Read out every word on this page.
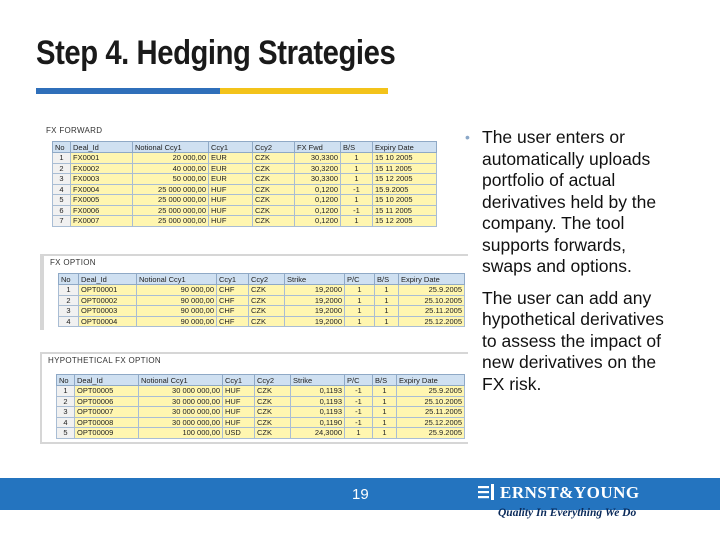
Step 4. Hedging Strategies
FX FORWARD
No	Deal_Id	Notional Ccy1	Ccy1	Ccy2	FX Fwd	B/S	Expiry Date
1	FX0001	20 000,00	EUR	CZK	30,3300	1	15 10 2005
2	FX0002	40 000,00	EUR	CZK	30,3200	1	15 11 2005
3	FX0003	50 000,00	EUR	CZK	30,3300	1	15 12 2005
4	FX0004	25 000 000,00	HUF	CZK	0,1200	-1	15.9.2005
5	FX0005	25 000 000,00	HUF	CZK	0,1200	1	15 10 2005
6	FX0006	25 000 000,00	HUF	CZK	0,1200	-1	15 11 2005
7	FX0007	25 000 000,00	HUF	CZK	0,1200	1	15 12 2005
FX OPTION
No	Deal_Id	Notional Ccy1	Ccy1	Ccy2	Strike	P/C	B/S	Expiry Date
1	OPT00001	90 000,00	CHF	CZK	19,2000	1	1	25.9.2005
2	OPT00002	90 000,00	CHF	CZK	19,2000	1	1	25.10.2005
3	OPT00003	90 000,00	CHF	CZK	19,2000	1	1	25.11.2005
4	OPT00004	90 000,00	CHF	CZK	19,2000	1	1	25.12.2005
HYPOTHETICAL FX OPTION
No	Deal_Id	Notional Ccy1	Ccy1	Ccy2	Strike	P/C	B/S	Expiry Date
1	OPT00005	30 000 000,00	HUF	CZK	0,1193	-1	1	25.9.2005
2	OPT00006	30 000 000,00	HUF	CZK	0,1193	-1	1	25.10.2005
3	OPT00007	30 000 000,00	HUF	CZK	0,1193	-1	1	25.11.2005
4	OPT00008	30 000 000,00	HUF	CZK	0,1190	-1	1	25.12.2005
5	OPT00009	100 000,00	USD	CZK	24,3000	1	1	25.9.2005
• The user enters or automatically uploads portfolio of actual derivatives held by the company. The tool supports forwards, swaps and options.
The user can add any hypothetical derivatives to assess the impact of new derivatives on the FX risk.
19	ERNST&YOUNG
Quality In Everything We Do
